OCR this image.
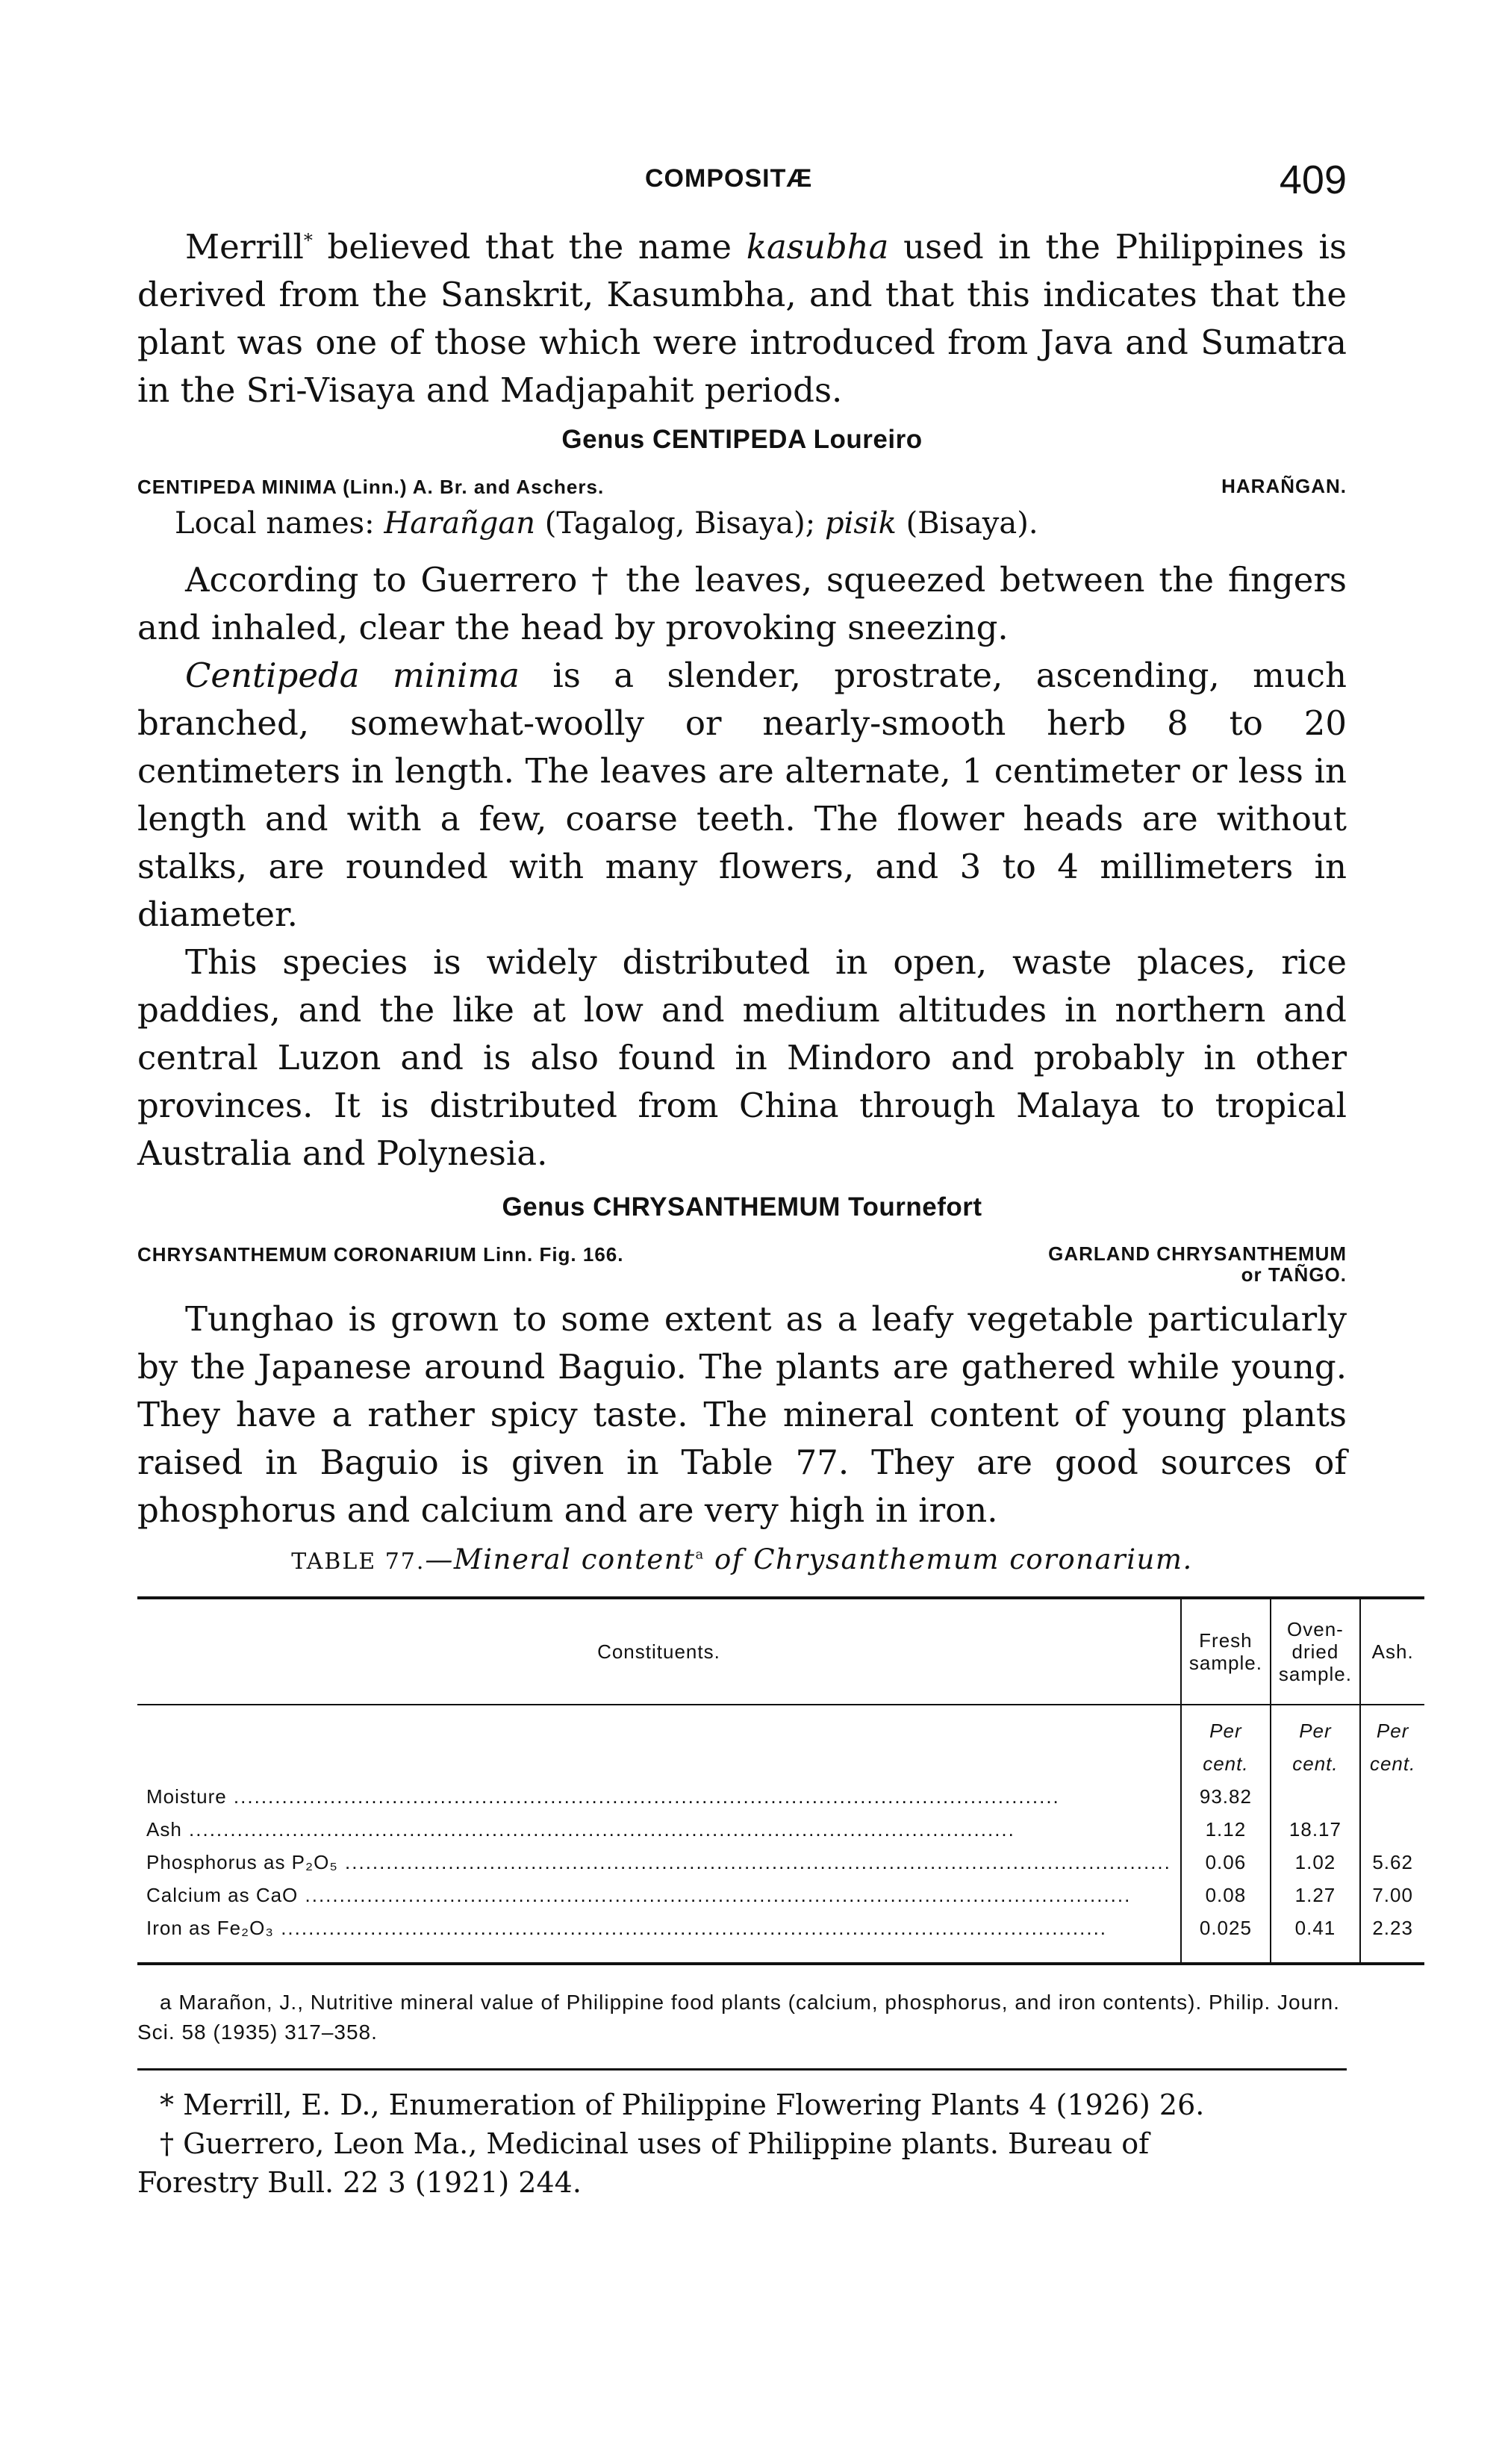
COMPOSITÆ	409

Merrill* believed that the name kasubha used in the Philippines is derived from the Sanskrit, Kasumbha, and that this indicates that the plant was one of those which were introduced from Java and Sumatra in the Sri-Visaya and Madjapahit periods.

Genus CENTIPEDA Loureiro
CENTIPEDA MINIMA (Linn.) A. Br. and Aschers.	HARAÑGAN.
Local names: Harañgan (Tagalog, Bisaya); pisik (Bisaya).

According to Guerrero † the leaves, squeezed between the fingers and inhaled, clear the head by provoking sneezing.

Centipeda minima is a slender, prostrate, ascending, much branched, somewhat-woolly or nearly-smooth herb 8 to 20 centimeters in length. The leaves are alternate, 1 centimeter or less in length and with a few, coarse teeth. The flower heads are without stalks, are rounded with many flowers, and 3 to 4 millimeters in diameter.

This species is widely distributed in open, waste places, rice paddies, and the like at low and medium altitudes in northern and central Luzon and is also found in Mindoro and probably in other provinces. It is distributed from China through Malaya to tropical Australia and Polynesia.

Genus CHRYSANTHEMUM Tournefort
CHRYSANTHEMUM CORONARIUM Linn. Fig. 166.	GARLAND CHRYSANTHEMUM
or TAÑGO.

Tunghao is grown to some extent as a leafy vegetable particularly by the Japanese around Baguio. The plants are gathered while young. They have a rather spicy taste. The mineral content of young plants raised in Baguio is given in Table 77. They are good sources of phosphorus and calcium and are very high in iron.

TABLE 77.—Mineral content$^a$ of Chrysanthemum coronarium.
Constituents.	Fresh sample.	Oven-dried sample.	Ash.
	Per cent.	Per cent.	Per cent.

Moisture .....	93.82		

Ash .....	1.12	18.17	

Phosphorus as P₂O₅ .....	0.06	1.02	5.62

Calcium as CaO .....	0.08	1.27	7.00

Iron as Fe₂O₃ .....	0.025	0.41	2.23
a Marañon, J., Nutritive mineral value of Philippine food plants (calcium, phosphorus, and iron contents). Philip. Journ. Sci. 58 (1935) 317–358.

* Merrill, E. D., Enumeration of Philippine Flowering Plants 4 (1926) 26.

† Guerrero, Leon Ma., Medicinal uses of Philippine plants. Bureau of

Forestry Bull. 22 3 (1921) 244.
